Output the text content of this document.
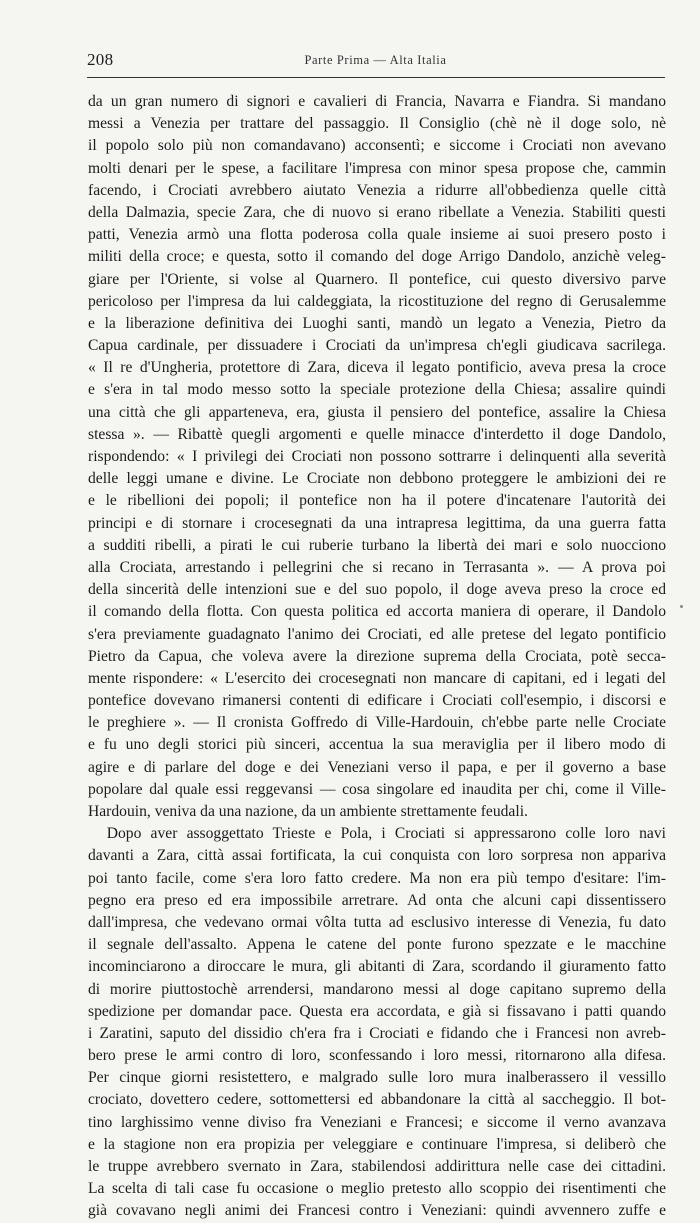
208	Parte Prima — Alta Italia
da un gran numero di signori e cavalieri di Francia, Navarra e Fiandra. Si mandano
messi a Venezia per trattare del passaggio. Il Consiglio (chè nè il doge solo, nè
il popolo solo più non comandavano) acconsentì; e siccome i Crociati non avevano
molti denari per le spese, a facilitare l'impresa con minor spesa propose che, cammin
facendo, i Crociati avrebbero aiutato Venezia a ridurre all'obbedienza quelle città
della Dalmazia, specie Zara, che di nuovo si erano ribellate a Venezia. Stabiliti questi
patti, Venezia armò una flotta poderosa colla quale insieme ai suoi presero posto i
militi della croce; e questa, sotto il comando del doge Arrigo Dandolo, anzichè veleg-
giare per l'Oriente, si volse al Quarnero. Il pontefice, cui questo diversivo parve
pericoloso per l'impresa da lui caldeggiata, la ricostituzione del regno di Gerusalemme
e la liberazione definitiva dei Luoghi santi, mandò un legato a Venezia, Pietro da
Capua cardinale, per dissuadere i Crociati da un'impresa ch'egli giudicava sacrilega.
« Il re d'Ungheria, protettore di Zara, diceva il legato pontificio, aveva presa la croce
e s'era in tal modo messo sotto la speciale protezione della Chiesa; assalire quindi
una città che gli apparteneva, era, giusta il pensiero del pontefice, assalire la Chiesa
stessa ». — Ribattè quegli argomenti e quelle minacce d'interdetto il doge Dandolo,
rispondendo: « I privilegi dei Crociati non possono sottrarre i delinquenti alla severità
delle leggi umane e divine. Le Crociate non debbono proteggere le ambizioni dei re
e le ribellioni dei popoli; il pontefice non ha il potere d'incatenare l'autorità dei
principi e di stornare i crocesegnati da una intrapresa legittima, da una guerra fatta
a sudditi ribelli, a pirati le cui ruberie turbano la libertà dei mari e solo nuocciono
alla Crociata, arrestando i pellegrini che si recano in Terrasanta ». — A prova poi
della sincerità delle intenzioni sue e del suo popolo, il doge aveva preso la croce ed
il comando della flotta. Con questa politica ed accorta maniera di operare, il Dandolo
s'era previamente guadagnato l'animo dei Crociati, ed alle pretese del legato pontificio
Pietro da Capua, che voleva avere la direzione suprema della Crociata, potè secca-
mente rispondere: « L'esercito dei crocesegnati non mancare di capitani, ed i legati del
pontefice dovevano rimanersi contenti di edificare i Crociati coll'esempio, i discorsi e
le preghiere ». — Il cronista Goffredo di Ville-Hardouin, ch'ebbe parte nelle Crociate
e fu uno degli storici più sinceri, accentua la sua meraviglia per il libero modo di
agire e di parlare del doge e dei Veneziani verso il papa, e per il governo a base
popolare dal quale essi reggevansi — cosa singolare ed inaudita per chi, come il Ville-
Hardouin, veniva da una nazione, da un ambiente strettamente feudali.
Dopo aver assoggettato Trieste e Pola, i Crociati si appressarono colle loro navi
davanti a Zara, città assai fortificata, la cui conquista con loro sorpresa non appariva
poi tanto facile, come s'era loro fatto credere. Ma non era più tempo d'esitare: l'im-
pegno era preso ed era impossibile arretrare. Ad onta che alcuni capi dissentissero
dall'impresa, che vedevano ormai vôlta tutta ad esclusivo interesse di Venezia, fu dato
il segnale dell'assalto. Appena le catene del ponte furono spezzate e le macchine
incominciarono a diroccare le mura, gli abitanti di Zara, scordando il giuramento fatto
di morire piuttostochè arrendersi, mandarono messi al doge capitano supremo della
spedizione per domandar pace. Questa era accordata, e già si fissavano i patti quando
i Zaratini, saputo del dissidio ch'era fra i Crociati e fidando che i Francesi non avreb-
bero prese le armi contro di loro, sconfessando i loro messi, ritornarono alla difesa.
Per cinque giorni resistettero, e malgrado sulle loro mura inalberassero il vessillo
crociato, dovettero cedere, sottomettersi ed abbandonare la città al saccheggio. Il bot-
tino larghissimo venne diviso fra Veneziani e Francesi; e siccome il verno avanzava
e la stagione non era propizia per veleggiare e continuare l'impresa, si deliberò che
le truppe avrebbero svernato in Zara, stabilendosi addirittura nelle case dei cittadini.
La scelta di tali case fu occasione o meglio pretesto allo scoppio dei risentimenti che
già covavano negli animi dei Francesi contro i Veneziani: quindi avvennero zuffe e
